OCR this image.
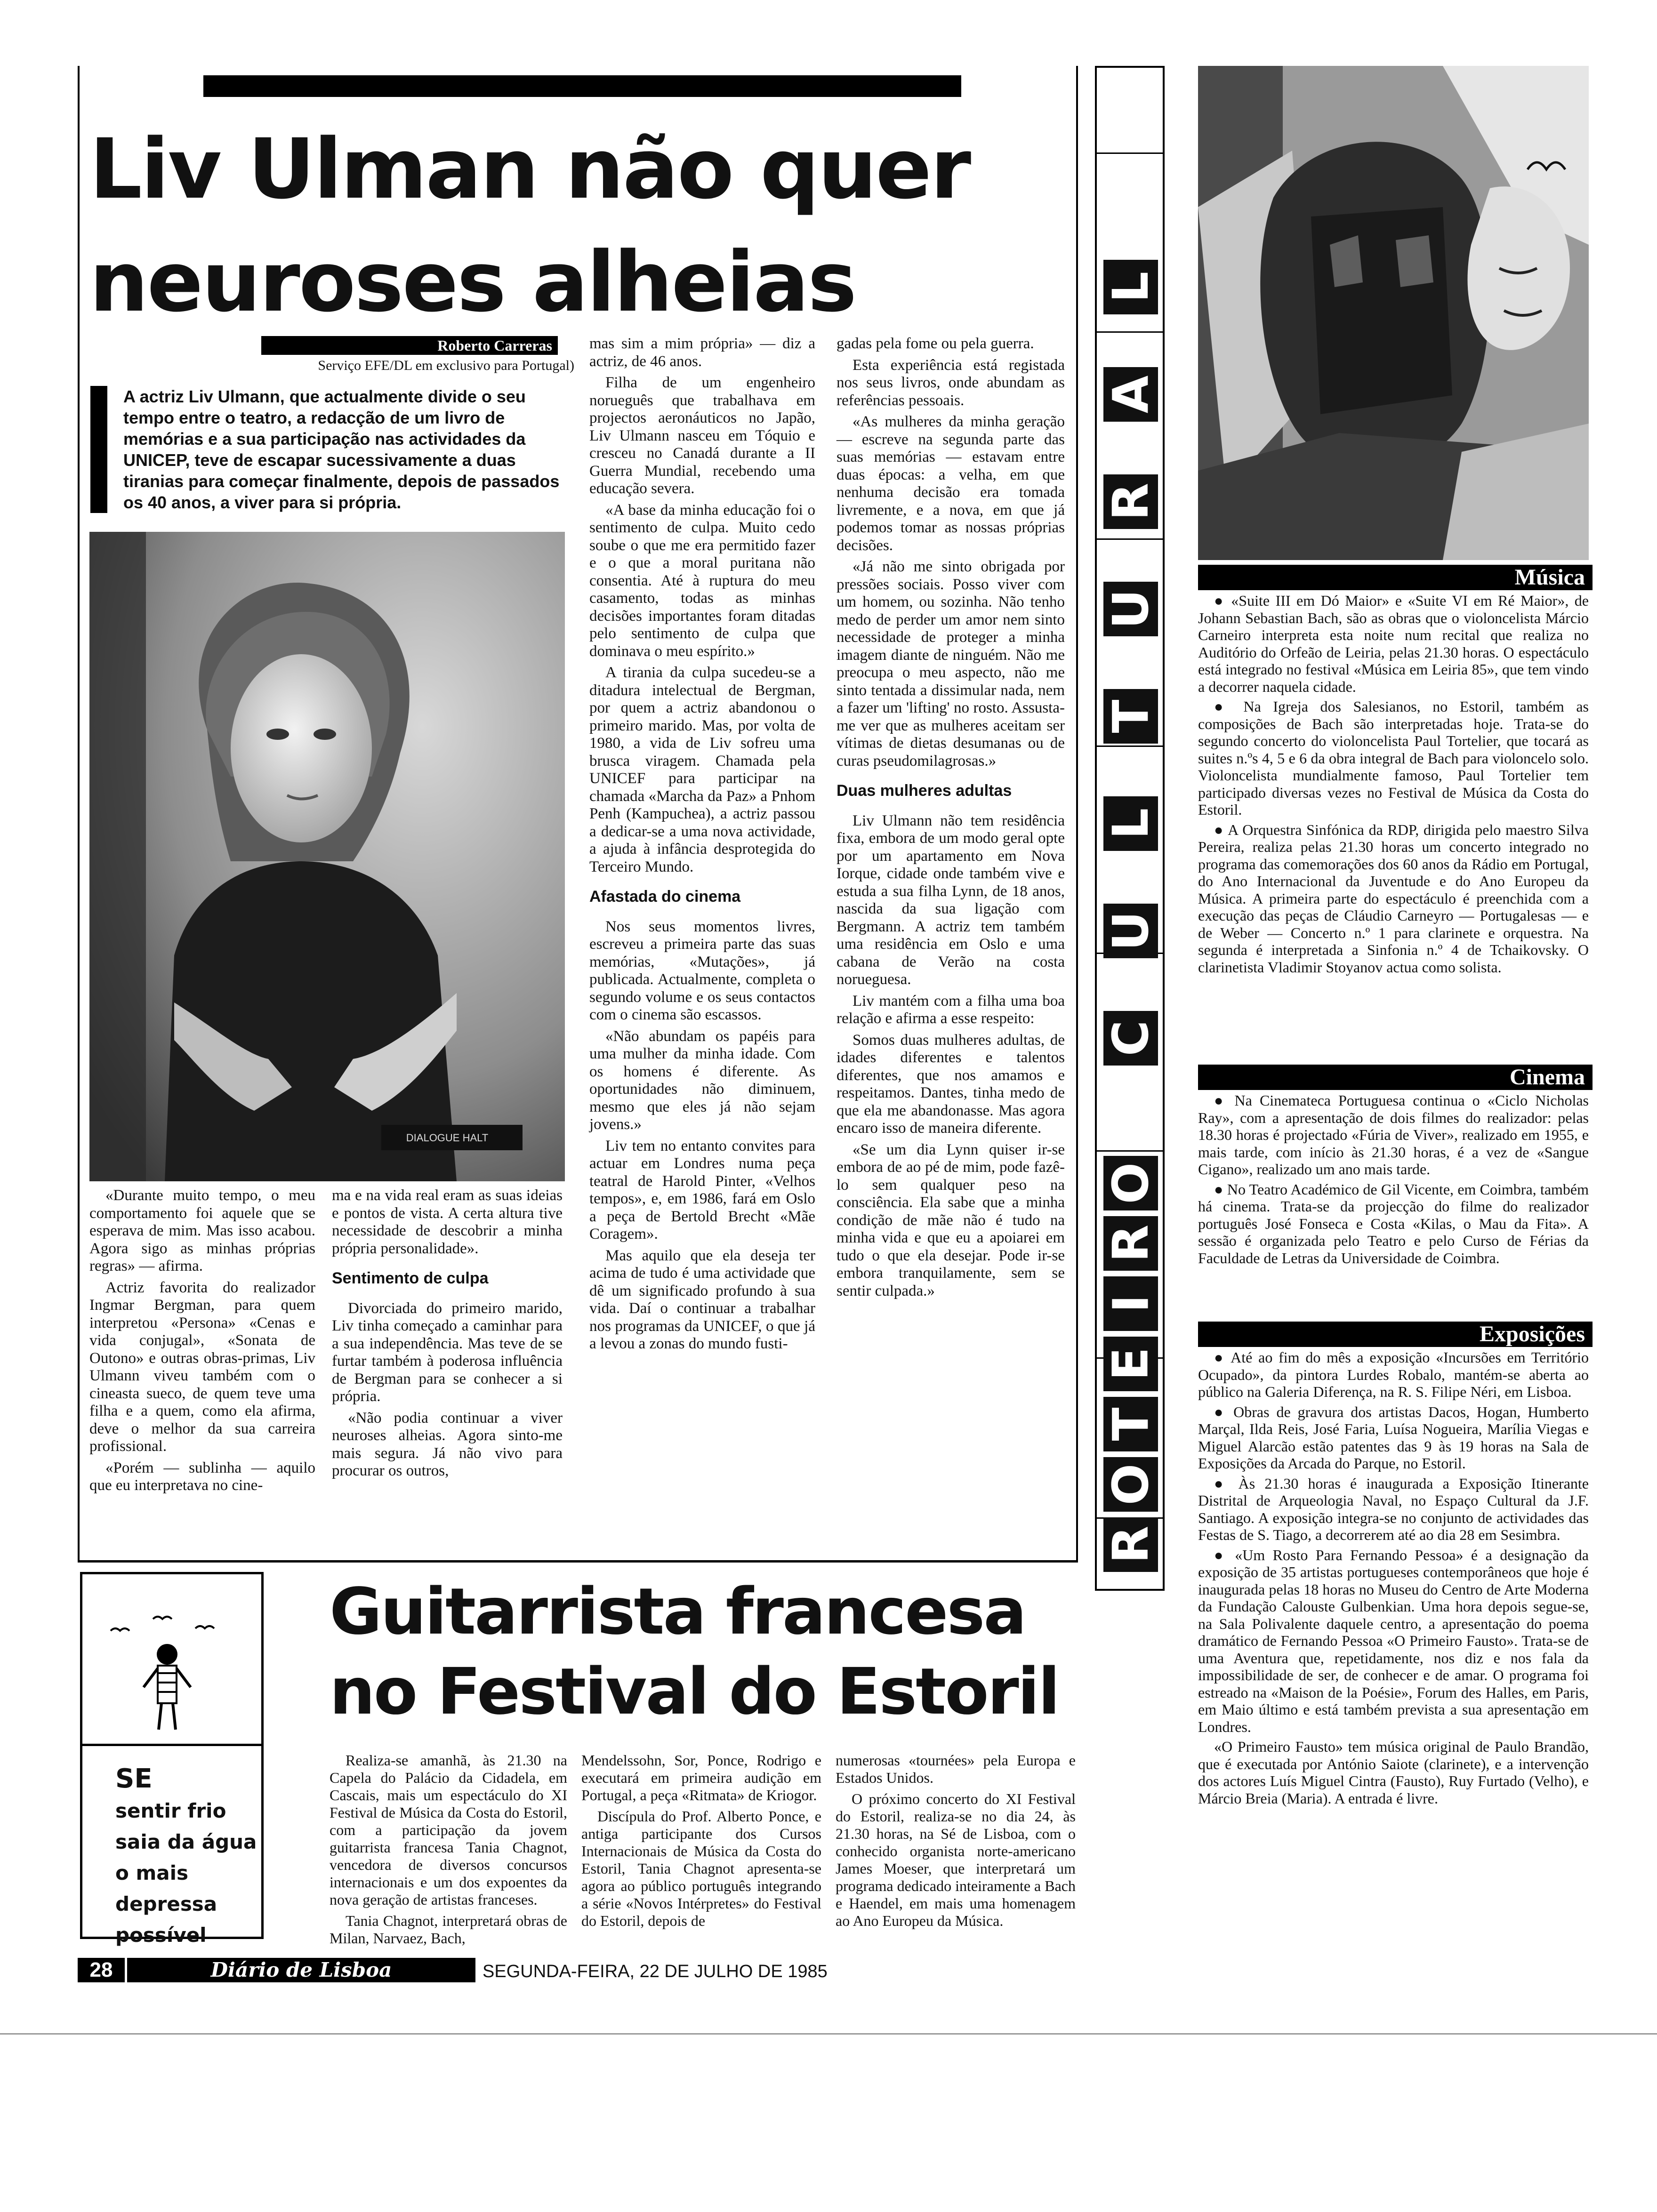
Liv Ulman não quer
neuroses alheias
Roberto Carreras
Serviço EFE/DL em exclusivo para Portugal)
A actriz Liv Ulmann, que actualmente divide o seu tempo entre o teatro, a redacção de um livro de memórias e a sua participação nas actividades da UNICEP, teve de escapar sucessivamente a duas tiranias para começar finalmente, depois de passados os 40 anos, a viver para si própria.
DIALOGUE HALT

«Durante muito tempo, o meu comportamento foi aquele que se esperava de mim. Mas isso acabou. Agora sigo as minhas próprias regras» — afirma.

Actriz favorita do realizador Ingmar Bergman, para quem interpretou «Persona» «Cenas e vida conjugal», «Sonata de Outono» e outras obras-primas, Liv Ulmann viveu também com o cineasta sueco, de quem teve uma filha e a quem, como ela afirma, deve o melhor da sua carreira profissional.

«Porém — sublinha — aquilo que eu interpretava no cine-

ma e na vida real eram as suas ideias e pontos de vista. A certa altura tive necessidade de descobrir a minha própria personalidade».

Sentimento de culpa

Divorciada do primeiro marido, Liv tinha começado a caminhar para a sua independência. Mas teve de se furtar também à poderosa influência de Bergman para se conhecer a si própria.

«Não podia continuar a viver neuroses alheias. Agora sinto-me mais segura. Já não vivo para procurar os outros,

mas sim a mim própria» — diz a actriz, de 46 anos.

Filha de um engenheiro norueguês que trabalhava em projectos aeronáuticos no Japão, Liv Ulmann nasceu em Tóquio e cresceu no Canadá durante a II Guerra Mundial, recebendo uma educação severa.

«A base da minha educação foi o sentimento de culpa. Muito cedo soube o que me era permitido fazer e o que a moral puritana não consentia. Até à ruptura do meu casamento, todas as minhas decisões importantes foram ditadas pelo sentimento de culpa que dominava o meu espírito.»

A tirania da culpa sucedeu-se a ditadura intelectual de Bergman, por quem a actriz abandonou o primeiro marido. Mas, por volta de 1980, a vida de Liv sofreu uma brusca viragem. Chamada pela UNICEF para participar na chamada «Marcha da Paz» a Pnhom Penh (Kampuchea), a actriz passou a dedicar-se a uma nova actividade, a ajuda à infância desprotegida do Terceiro Mundo.

Afastada do cinema

Nos seus momentos livres, escreveu a primeira parte das suas memórias, «Mutações», já publicada. Actualmente, completa o segundo volume e os seus contactos com o cinema são escassos.

«Não abundam os papéis para uma mulher da minha idade. Com os homens é diferente. As oportunidades não diminuem, mesmo que eles já não sejam jovens.»

Liv tem no entanto convites para actuar em Londres numa peça teatral de Harold Pinter, «Velhos tempos», e, em 1986, fará em Oslo a peça de Bertold Brecht «Mãe Coragem».

Mas aquilo que ela deseja ter acima de tudo é uma actividade que dê um significado profundo à sua vida. Daí o continuar a trabalhar nos programas da UNICEF, o que já a levou a zonas do mundo fusti-

gadas pela fome ou pela guerra.

Esta experiência está registada nos seus livros, onde abundam as referências pessoais.

«As mulheres da minha geração — escreve na segunda parte das suas memórias — estavam entre duas épocas: a velha, em que nenhuma decisão era tomada livremente, e a nova, em que já podemos tomar as nossas próprias decisões.

«Já não me sinto obrigada por pressões sociais. Posso viver com um homem, ou sozinha. Não tenho medo de perder um amor nem sinto necessidade de proteger a minha imagem diante de ninguém. Não me preocupa o meu aspecto, não me sinto tentada a dissimular nada, nem a fazer um 'lifting' no rosto. Assusta-me ver que as mulheres aceitam ser vítimas de dietas desumanas ou de curas pseudomilagrosas.»

Duas mulheres adultas

Liv Ulmann não tem residência fixa, embora de um modo geral opte por um apartamento em Nova Iorque, cidade onde também vive e estuda a sua filha Lynn, de 18 anos, nascida da sua ligação com Bergmann. A actriz tem também uma residência em Oslo e uma cabana de Verão na costa norueguesa.

Liv mantém com a filha uma boa relação e afirma a esse respeito:

Somos duas mulheres adultas, de idades diferentes e talentos diferentes, que nos amamos e respeitamos. Dantes, tinha medo de que ela me abandonasse. Mas agora encaro isso de maneira diferente.

«Se um dia Lynn quiser ir-se embora de ao pé de mim, pode fazê-lo sem qualquer peso na consciência. Ela sabe que a minha condição de mãe não é tudo na minha vida e que eu a apoiarei em tudo o que ela desejar. Pode ir-se embora tranquilamente, sem se sentir culpada.»

R
O
T
E
I
R
O
C
U
L
T
U
R
A
L
Música

● «Suite III em Dó Maior» e «Suite VI em Ré Maior», de Johann Sebastian Bach, são as obras que o violoncelista Márcio Carneiro interpreta esta noite num recital que realiza no Auditório do Orfeão de Leiria, pelas 21.30 horas. O espectáculo está integrado no festival «Música em Leiria 85», que tem vindo a decorrer naquela cidade.

● Na Igreja dos Salesianos, no Estoril, também as composições de Bach são interpretadas hoje. Trata-se do segundo concerto do violoncelista Paul Tortelier, que tocará as suites n.ºs 4, 5 e 6 da obra integral de Bach para violoncelo solo. Violoncelista mundialmente famoso, Paul Tortelier tem participado diversas vezes no Festival de Música da Costa do Estoril.

● A Orquestra Sinfónica da RDP, dirigida pelo maestro Silva Pereira, realiza pelas 21.30 horas um concerto integrado no programa das comemorações dos 60 anos da Rádio em Portugal, do Ano Internacional da Juventude e do Ano Europeu da Música. A primeira parte do espectáculo é preenchida com a execução das peças de Cláudio Carneyro — Portugalesas — e de Weber — Concerto n.º 1 para clarinete e orquestra. Na segunda é interpretada a Sinfonia n.º 4 de Tchaikovsky. O clarinetista Vladimir Stoyanov actua como solista.

Cinema

● Na Cinemateca Portuguesa continua o «Ciclo Nicholas Ray», com a apresentação de dois filmes do realizador: pelas 18.30 horas é projectado «Fúria de Viver», realizado em 1955, e mais tarde, com início às 21.30 horas, é a vez de «Sangue Cigano», realizado um ano mais tarde.

● No Teatro Académico de Gil Vicente, em Coimbra, também há cinema. Trata-se da projecção do filme do realizador português José Fonseca e Costa «Kilas, o Mau da Fita». A sessão é organizada pelo Teatro e pelo Curso de Férias da Faculdade de Letras da Universidade de Coimbra.

Exposições

● Até ao fim do mês a exposição «Incursões em Território Ocupado», da pintora Lurdes Robalo, mantém-se aberta ao público na Galeria Diferença, na R. S. Filipe Néri, em Lisboa.

● Obras de gravura dos artistas Dacos, Hogan, Humberto Marçal, Ilda Reis, José Faria, Luísa Nogueira, Marília Viegas e Miguel Alarcão estão patentes das 9 às 19 horas na Sala de Exposições da Arcada do Parque, no Estoril.

● Às 21.30 horas é inaugurada a Exposição Itinerante Distrital de Arqueologia Naval, no Espaço Cultural da J.F. Santiago. A exposição integra-se no conjunto de actividades das Festas de S. Tiago, a decorrerem até ao dia 28 em Sesimbra.

● «Um Rosto Para Fernando Pessoa» é a designação da exposição de 35 artistas portugueses contemporâneos que hoje é inaugurada pelas 18 horas no Museu do Centro de Arte Moderna da Fundação Calouste Gulbenkian. Uma hora depois segue-se, na Sala Polivalente daquele centro, a apresentação do poema dramático de Fernando Pessoa «O Primeiro Fausto». Trata-se de uma Aventura que, repetidamente, nos diz e nos fala da impossibilidade de ser, de conhecer e de amar. O programa foi estreado na «Maison de la Poésie», Forum des Halles, em Paris, em Maio último e está também prevista a sua apresentação em Londres.

«O Primeiro Fausto» tem música original de Paulo Brandão, que é executada por António Saiote (clarinete), e a intervenção dos actores Luís Miguel Cintra (Fausto), Ruy Furtado (Velho), e Márcio Breia (Maria). A entrada é livre.

SE
sentir frio
saia da água
o mais depressa
possível
Guitarrista francesa
no Festival do Estoril

Realiza-se amanhã, às 21.30 na Capela do Palácio da Cidadela, em Cascais, mais um espectáculo do XI Festival de Música da Costa do Estoril, com a participação da jovem guitarrista francesa Tania Chagnot, vencedora de diversos concursos internacionais e um dos expoentes da nova geração de artistas franceses.

Tania Chagnot, interpretará obras de Milan, Narvaez, Bach,

Mendelssohn, Sor, Ponce, Rodrigo e executará em primeira audição em Portugal, a peça «Ritmata» de Kriogor.

Discípula do Prof. Alberto Ponce, e antiga participante dos Cursos Internacionais de Música da Costa do Estoril, Tania Chagnot apresenta-se agora ao público português integrando a série «Novos Intérpretes» do Festival do Estoril, depois de

numerosas «tournées» pela Europa e Estados Unidos.

O próximo concerto do XI Festival do Estoril, realiza-se no dia 24, às 21.30 horas, na Sé de Lisboa, com o conhecido organista norte-americano James Moeser, que interpretará um programa dedicado inteiramente a Bach e Haendel, em mais uma homenagem ao Ano Europeu da Música.

28	Diário de Lisboa	SEGUNDA-FEIRA, 22 DE JULHO DE 1985
